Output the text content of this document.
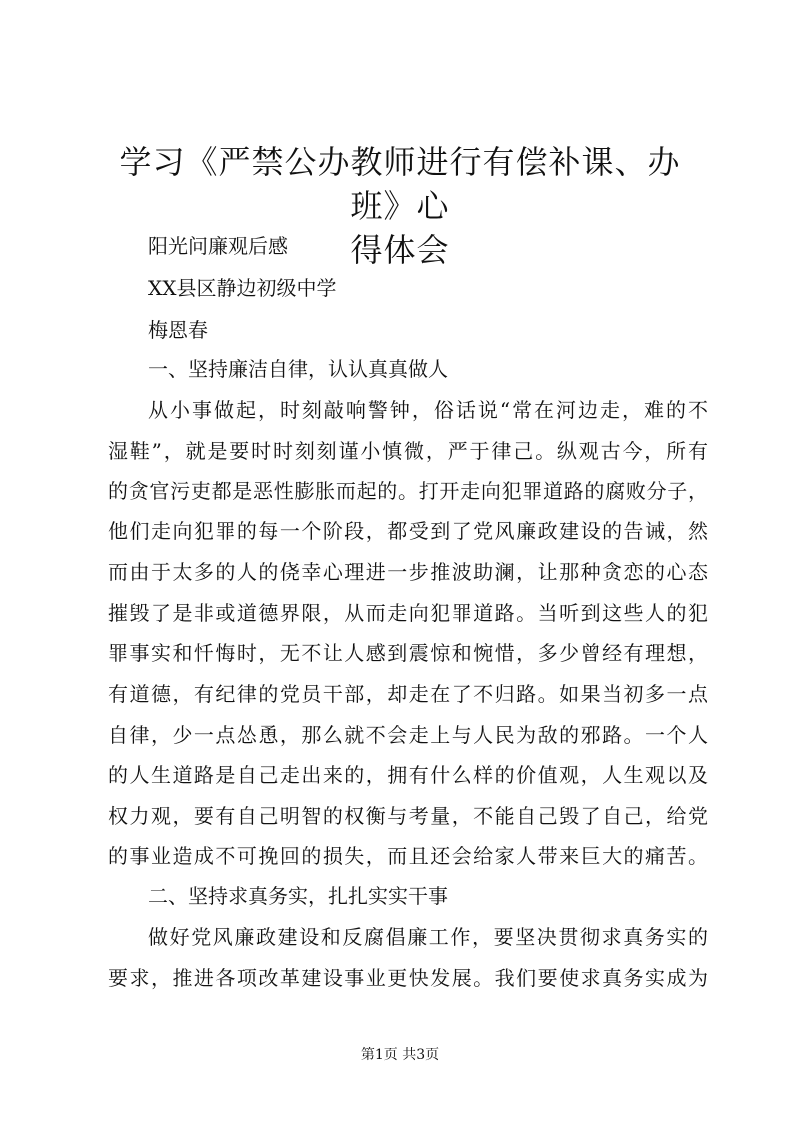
学习《严禁公办教师进行有偿补课、办班》心
得体会

阳光问廉观后感

XX县区静边初级中学

梅恩春

一、坚持廉洁自律，认认真真做人

从小事做起，时刻敲响警钟，俗话说“常在河边走，难的不

湿鞋”，就是要时时刻刻谨小慎微，严于律己。纵观古今，所有

的贪官污吏都是恶性膨胀而起的。打开走向犯罪道路的腐败分子，

他们走向犯罪的每一个阶段，都受到了党风廉政建设的告诫，然

而由于太多的人的侥幸心理进一步推波助澜，让那种贪恋的心态

摧毁了是非或道德界限，从而走向犯罪道路。当听到这些人的犯

罪事实和忏悔时，无不让人感到震惊和惋惜，多少曾经有理想，

有道德，有纪律的党员干部，却走在了不归路。如果当初多一点

自律，少一点怂恿，那么就不会走上与人民为敌的邪路。一个人

的人生道路是自己走出来的，拥有什么样的价值观，人生观以及

权力观，要有自己明智的权衡与考量，不能自己毁了自己，给党

的事业造成不可挽回的损失，而且还会给家人带来巨大的痛苦。

二、坚持求真务实，扎扎实实干事

做好党风廉政建设和反腐倡廉工作，要坚决贯彻求真务实的

要求，推进各项改革建设事业更快发展。我们要使求真务实成为

第1页 共3页
